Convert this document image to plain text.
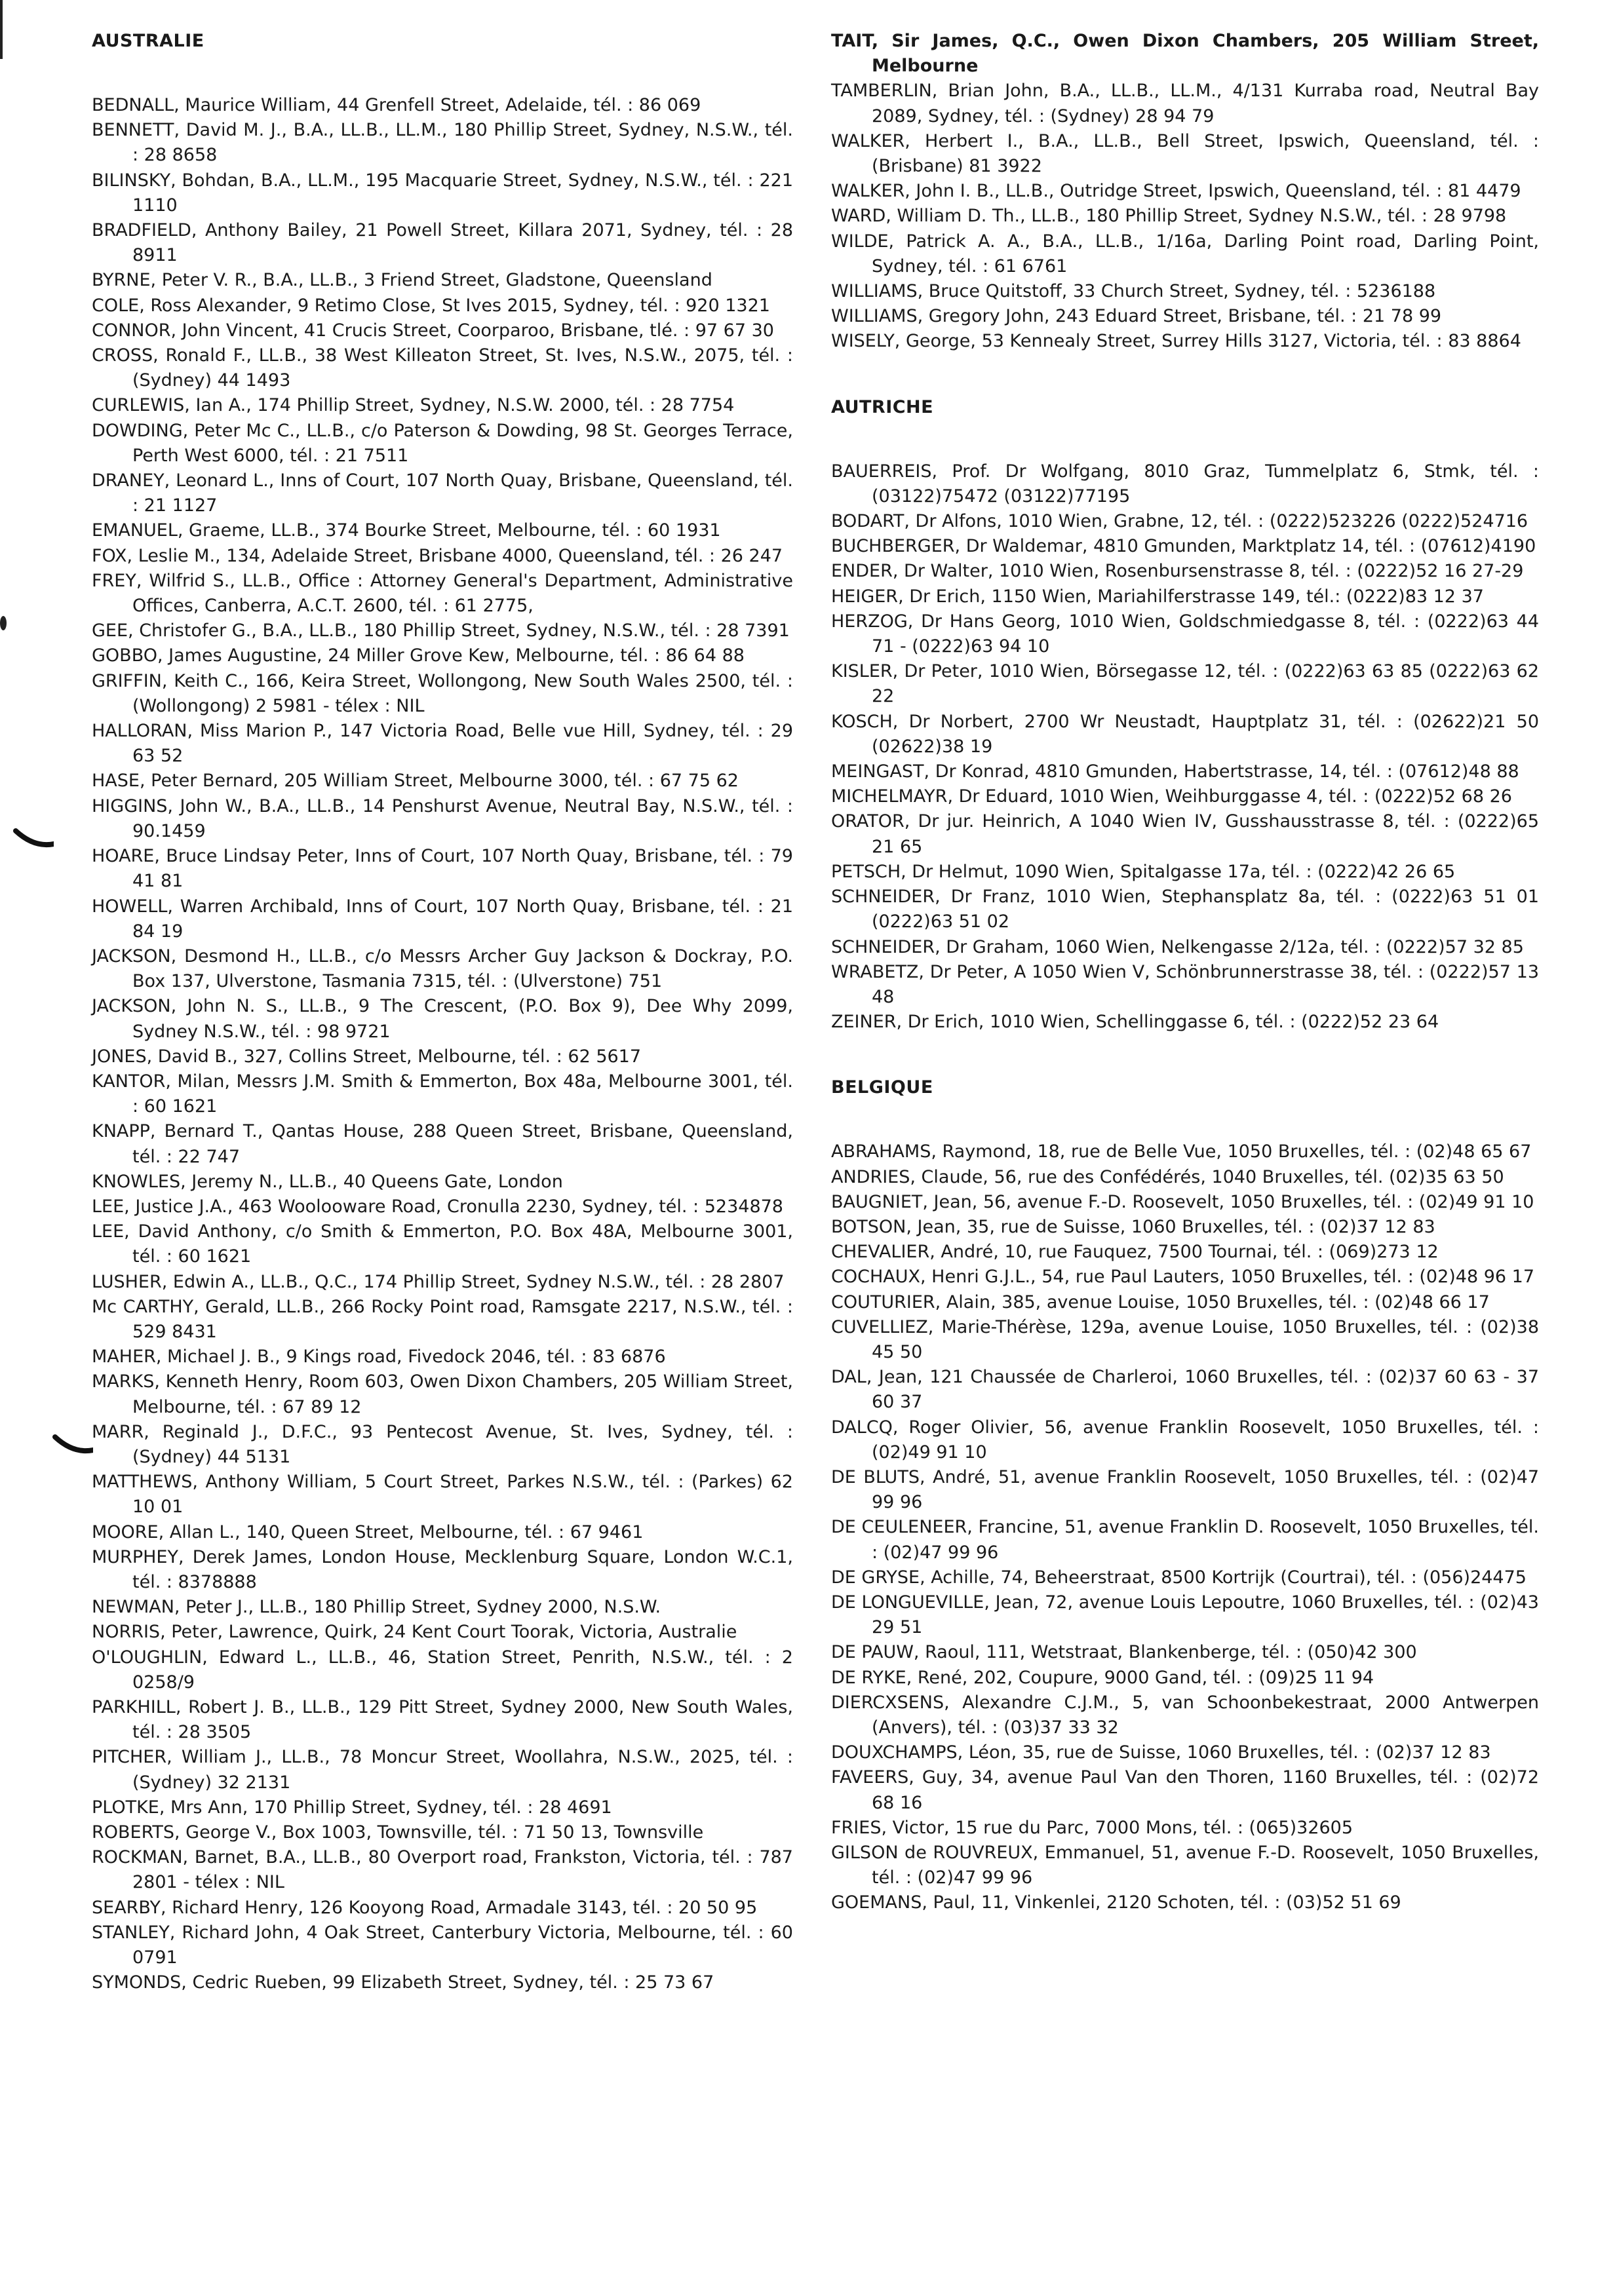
AUSTRALIE

BEDNALL, Maurice William, 44 Grenfell Street, Adelaide, tél. : 86 069

BENNETT, David M. J., B.A., LL.B., LL.M., 180 Phillip Street, Sydney, N.S.W., tél. : 28 8658

BILINSKY, Bohdan, B.A., LL.M., 195 Macquarie Street, Sydney, N.S.W., tél. : 221 1110

BRADFIELD, Anthony Bailey, 21 Powell Street, Killara 2071, Sydney, tél. : 28 8911

BYRNE, Peter V. R., B.A., LL.B., 3 Friend Street, Gladstone, Queensland

COLE, Ross Alexander, 9 Retimo Close, St Ives 2015, Sydney, tél. : 920 1321

CONNOR, John Vincent, 41 Crucis Street, Coorparoo, Brisbane, tlé. : 97 67 30

CROSS, Ronald F., LL.B., 38 West Killeaton Street, St. Ives, N.S.W., 2075, tél. : (Sydney) 44 1493

CURLEWIS, Ian A., 174 Phillip Street, Sydney, N.S.W. 2000, tél. : 28 7754

DOWDING, Peter Mc C., LL.B., c/o Paterson & Dowding, 98 St. Georges Terrace, Perth West 6000, tél. : 21 7511

DRANEY, Leonard L., Inns of Court, 107 North Quay, Brisbane, Queensland, tél. : 21 1127

EMANUEL, Graeme, LL.B., 374 Bourke Street, Melbourne, tél. : 60 1931

FOX, Leslie M., 134, Adelaide Street, Brisbane 4000, Queensland, tél. : 26 247

FREY, Wilfrid S., LL.B., Office : Attorney General's Department, Administrative Offices, Canberra, A.C.T. 2600, tél. : 61 2775,

GEE, Christofer G., B.A., LL.B., 180 Phillip Street, Sydney, N.S.W., tél. : 28 7391

GOBBO, James Augustine, 24 Miller Grove Kew, Melbourne, tél. : 86 64 88

GRIFFIN, Keith C., 166, Keira Street, Wollongong, New South Wales 2500, tél. : (Wollongong) 2 5981 - télex : NIL

HALLORAN, Miss Marion P., 147 Victoria Road, Belle vue Hill, Sydney, tél. : 29 63 52

HASE, Peter Bernard, 205 William Street, Melbourne 3000, tél. : 67 75 62

HIGGINS, John W., B.A., LL.B., 14 Penshurst Avenue, Neutral Bay, N.S.W., tél. : 90.1459

HOARE, Bruce Lindsay Peter, Inns of Court, 107 North Quay, Brisbane, tél. : 79 41 81

HOWELL, Warren Archibald, Inns of Court, 107 North Quay, Brisbane, tél. : 21 84 19

JACKSON, Desmond H., LL.B., c/o Messrs Archer Guy Jackson & Dockray, P.O. Box 137, Ulverstone, Tasmania 7315, tél. : (Ulverstone) 751

JACKSON, John N. S., LL.B., 9 The Crescent, (P.O. Box 9), Dee Why 2099, Sydney N.S.W., tél. : 98 9721

JONES, David B., 327, Collins Street, Melbourne, tél. : 62 5617

KANTOR, Milan, Messrs J.M. Smith & Emmerton, Box 48a, Melbourne 3001, tél. : 60 1621

KNAPP, Bernard T., Qantas House, 288 Queen Street, Brisbane, Queensland, tél. : 22 747

KNOWLES, Jeremy N., LL.B., 40 Queens Gate, London

LEE, Justice J.A., 463 Woolooware Road, Cronulla 2230, Sydney, tél. : 5234878

LEE, David Anthony, c/o Smith & Emmerton, P.O. Box 48A, Melbourne 3001, tél. : 60 1621

LUSHER, Edwin A., LL.B., Q.C., 174 Phillip Street, Sydney N.S.W., tél. : 28 2807

Mc CARTHY, Gerald, LL.B., 266 Rocky Point road, Ramsgate 2217, N.S.W., tél. : 529 8431

MAHER, Michael J. B., 9 Kings road, Fivedock 2046, tél. : 83 6876

MARKS, Kenneth Henry, Room 603, Owen Dixon Chambers, 205 William Street, Melbourne, tél. : 67 89 12

MARR, Reginald J., D.F.C., 93 Pentecost Avenue, St. Ives, Sydney, tél. : (Sydney) 44 5131

MATTHEWS, Anthony William, 5 Court Street, Parkes N.S.W., tél. : (Parkes) 62 10 01

MOORE, Allan L., 140, Queen Street, Melbourne, tél. : 67 9461

MURPHEY, Derek James, London House, Mecklenburg Square, London W.C.1, tél. : 8378888

NEWMAN, Peter J., LL.B., 180 Phillip Street, Sydney 2000, N.S.W.

NORRIS, Peter, Lawrence, Quirk, 24 Kent Court Toorak, Victoria, Australie

O'LOUGHLIN, Edward L., LL.B., 46, Station Street, Penrith, N.S.W., tél. : 2 0258/9

PARKHILL, Robert J. B., LL.B., 129 Pitt Street, Sydney 2000, New South Wales, tél. : 28 3505

PITCHER, William J., LL.B., 78 Moncur Street, Woollahra, N.S.W., 2025, tél. : (Sydney) 32 2131

PLOTKE, Mrs Ann, 170 Phillip Street, Sydney, tél. : 28 4691

ROBERTS, George V., Box 1003, Townsville, tél. : 71 50 13, Townsville

ROCKMAN, Barnet, B.A., LL.B., 80 Overport road, Frankston, Victoria, tél. : 787 2801 - télex : NIL

SEARBY, Richard Henry, 126 Kooyong Road, Armadale 3143, tél. : 20 50 95

STANLEY, Richard John, 4 Oak Street, Canterbury Victoria, Melbourne, tél. : 60 0791

SYMONDS, Cedric Rueben, 99 Elizabeth Street, Sydney, tél. : 25 73 67

TAIT, Sir James, Q.C., Owen Dixon Chambers, 205 William Street, Melbourne

TAMBERLIN, Brian John, B.A., LL.B., LL.M., 4/131 Kurraba road, Neutral Bay 2089, Sydney, tél. : (Sydney) 28 94 79

WALKER, Herbert I., B.A., LL.B., Bell Street, Ipswich, Queensland, tél. : (Brisbane) 81 3922

WALKER, John I. B., LL.B., Outridge Street, Ipswich, Queensland, tél. : 81 4479

WARD, William D. Th., LL.B., 180 Phillip Street, Sydney N.S.W., tél. : 28 9798

WILDE, Patrick A. A., B.A., LL.B., 1/16a, Darling Point road, Darling Point, Sydney, tél. : 61 6761

WILLIAMS, Bruce Quitstoff, 33 Church Street, Sydney, tél. : 5236188

WILLIAMS, Gregory John, 243 Eduard Street, Brisbane, tél. : 21 78 99

WISELY, George, 53 Kennealy Street, Surrey Hills 3127, Victoria, tél. : 83 8864

AUTRICHE

BAUERREIS, Prof. Dr Wolfgang, 8010 Graz, Tummelplatz 6, Stmk, tél. : (03122)75472 (03122)77195

BODART, Dr Alfons, 1010 Wien, Grabne, 12, tél. : (0222)523226 (0222)524716

BUCHBERGER, Dr Waldemar, 4810 Gmunden, Marktplatz 14, tél. : (07612)4190

ENDER, Dr Walter, 1010 Wien, Rosenbursenstrasse 8, tél. : (0222)52 16 27-29

HEIGER, Dr Erich, 1150 Wien, Mariahilferstrasse 149, tél.: (0222)83 12 37

HERZOG, Dr Hans Georg, 1010 Wien, Goldschmiedgasse 8, tél. : (0222)63 44 71 - (0222)63 94 10

KISLER, Dr Peter, 1010 Wien, Börsegasse 12, tél. : (0222)63 63 85 (0222)63 62 22

KOSCH, Dr Norbert, 2700 Wr Neustadt, Hauptplatz 31, tél. : (02622)21 50 (02622)38 19

MEINGAST, Dr Konrad, 4810 Gmunden, Habertstrasse, 14, tél. : (07612)48 88

MICHELMAYR, Dr Eduard, 1010 Wien, Weihburggasse 4, tél. : (0222)52 68 26

ORATOR, Dr jur. Heinrich, A 1040 Wien IV, Gusshausstrasse 8, tél. : (0222)65 21 65

PETSCH, Dr Helmut, 1090 Wien, Spitalgasse 17a, tél. : (0222)42 26 65

SCHNEIDER, Dr Franz, 1010 Wien, Stephansplatz 8a, tél. : (0222)63 51 01 (0222)63 51 02

SCHNEIDER, Dr Graham, 1060 Wien, Nelkengasse 2/12a, tél. : (0222)57 32 85

WRABETZ, Dr Peter, A 1050 Wien V, Schönbrunnerstrasse 38, tél. : (0222)57 13 48

ZEINER, Dr Erich, 1010 Wien, Schellinggasse 6, tél. : (0222)52 23 64

BELGIQUE

ABRAHAMS, Raymond, 18, rue de Belle Vue, 1050 Bruxelles, tél. : (02)48 65 67

ANDRIES, Claude, 56, rue des Confédérés, 1040 Bruxelles, tél. (02)35 63 50

BAUGNIET, Jean, 56, avenue F.-D. Roosevelt, 1050 Bruxelles, tél. : (02)49 91 10

BOTSON, Jean, 35, rue de Suisse, 1060 Bruxelles, tél. : (02)37 12 83

CHEVALIER, André, 10, rue Fauquez, 7500 Tournai, tél. : (069)273 12

COCHAUX, Henri G.J.L., 54, rue Paul Lauters, 1050 Bruxelles, tél. : (02)48 96 17

COUTURIER, Alain, 385, avenue Louise, 1050 Bruxelles, tél. : (02)48 66 17

CUVELLIEZ, Marie-Thérèse, 129a, avenue Louise, 1050 Bruxelles, tél. : (02)38 45 50

DAL, Jean, 121 Chaussée de Charleroi, 1060 Bruxelles, tél. : (02)37 60 63 - 37 60 37

DALCQ, Roger Olivier, 56, avenue Franklin Roosevelt, 1050 Bruxelles, tél. : (02)49 91 10

DE BLUTS, André, 51, avenue Franklin Roosevelt, 1050 Bruxelles, tél. : (02)47 99 96

DE CEULENEER, Francine, 51, avenue Franklin D. Roosevelt, 1050 Bruxelles, tél. : (02)47 99 96

DE GRYSE, Achille, 74, Beheerstraat, 8500 Kortrijk (Courtrai), tél. : (056)24475

DE LONGUEVILLE, Jean, 72, avenue Louis Lepoutre, 1060 Bruxelles, tél. : (02)43 29 51

DE PAUW, Raoul, 111, Wetstraat, Blankenberge, tél. : (050)42 300

DE RYKE, René, 202, Coupure, 9000 Gand, tél. : (09)25 11 94

DIERCXSENS, Alexandre C.J.M., 5, van Schoonbekestraat, 2000 Antwerpen (Anvers), tél. : (03)37 33 32

DOUXCHAMPS, Léon, 35, rue de Suisse, 1060 Bruxelles, tél. : (02)37 12 83

FAVEERS, Guy, 34, avenue Paul Van den Thoren, 1160 Bruxelles, tél. : (02)72 68 16

FRIES, Victor, 15 rue du Parc, 7000 Mons, tél. : (065)32605

GILSON de ROUVREUX, Emmanuel, 51, avenue F.-D. Roosevelt, 1050 Bruxelles, tél. : (02)47 99 96

GOEMANS, Paul, 11, Vinkenlei, 2120 Schoten, tél. : (03)52 51 69
